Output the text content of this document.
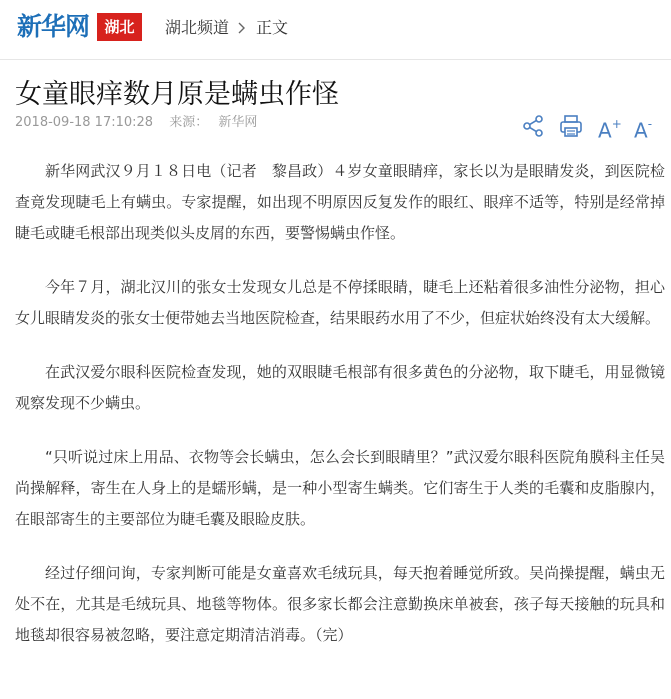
新华网	湖北	湖北频道 正文
女童眼痒数月原是螨虫作怪
2018-09-18 17:10:28 来源： 新华网	A+ A-

新华网武汉９月１８日电（记者　黎昌政）４岁女童眼睛痒，家长以为是眼睛发炎，到医院检查竟发现睫毛上有螨虫。专家提醒，如出现不明原因反复发作的眼红、眼痒不适等，特别是经常掉睫毛或睫毛根部出现类似头皮屑的东西，要警惕螨虫作怪。

今年７月，湖北汉川的张女士发现女儿总是不停揉眼睛，睫毛上还粘着很多油性分泌物，担心女儿眼睛发炎的张女士便带她去当地医院检查，结果眼药水用了不少，但症状始终没有太大缓解。

在武汉爱尔眼科医院检查发现，她的双眼睫毛根部有很多黄色的分泌物，取下睫毛，用显微镜观察发现不少螨虫。

“只听说过床上用品、衣物等会长螨虫，怎么会长到眼睛里？”武汉爱尔眼科医院角膜科主任吴尚操解释，寄生在人身上的是蠕形螨，是一种小型寄生螨类。它们寄生于人类的毛囊和皮脂腺内，在眼部寄生的主要部位为睫毛囊及眼睑皮肤。

经过仔细问询，专家判断可能是女童喜欢毛绒玩具，每天抱着睡觉所致。吴尚操提醒，螨虫无处不在，尤其是毛绒玩具、地毯等物体。很多家长都会注意勤换床单被套，孩子每天接触的玩具和地毯却很容易被忽略，要注意定期清洁消毒。（完）
